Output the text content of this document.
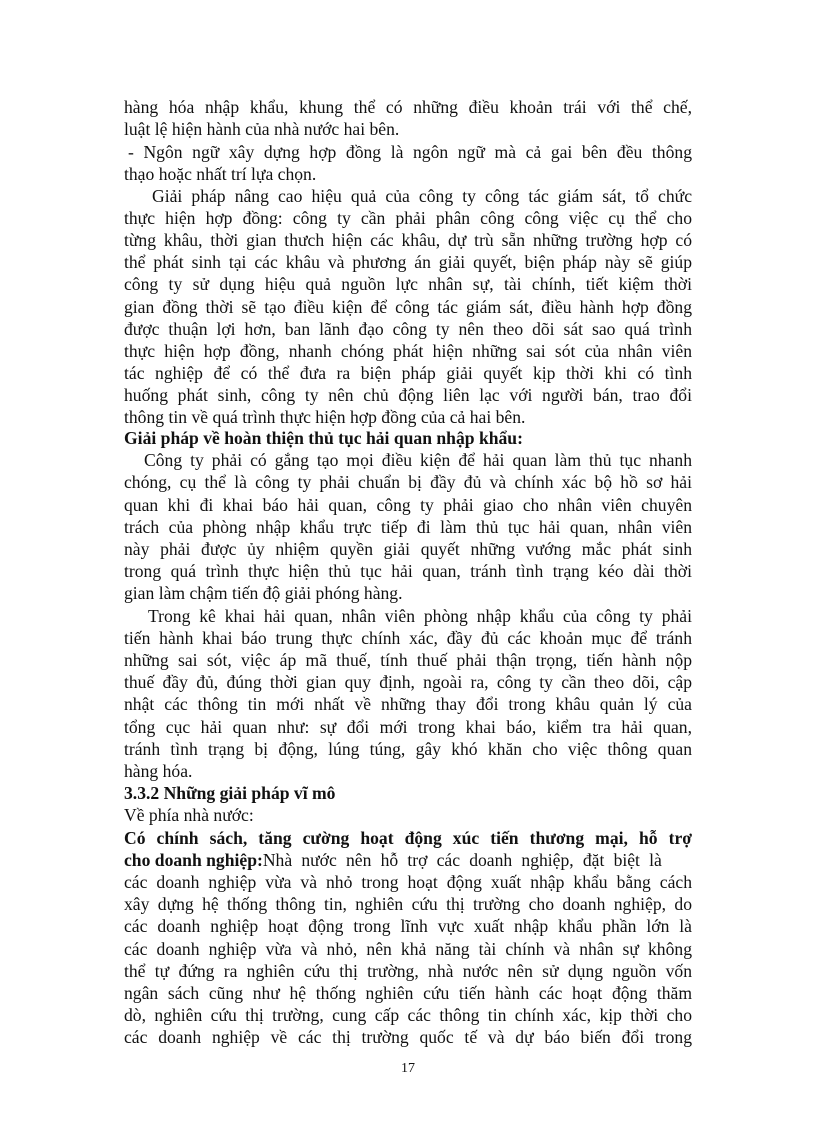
hàng hóa nhập khẩu, khung thể có những điều khoản trái với thể chế,
luật lệ hiện hành của nhà nước hai bên.
- Ngôn ngữ xây dựng hợp đồng là ngôn ngữ mà cả gai bên đều thông
thạo hoặc nhất trí lựa chọn.
Giải pháp nâng cao hiệu quả của công ty công tác giám sát, tổ chức
thực hiện hợp đồng: công ty cần phải phân công công việc cụ thể cho
từng khâu, thời gian thưch hiện các khâu, dự trù sẵn những trường hợp có
thể phát sinh tại các khâu và phương án giải quyết, biện pháp này sẽ giúp
công ty sử dụng hiệu quả nguồn lực nhân sự, tài chính, tiết kiệm thời
gian đồng thời sẽ tạo điều kiện để công tác giám sát, điều hành hợp đồng
được thuận lợi hơn, ban lãnh đạo công ty nên theo dõi sát sao quá trình
thực hiện hợp đồng, nhanh chóng phát hiện những sai sót của nhân viên
tác nghiệp để có thể đưa ra biện pháp giải quyết kịp thời khi có tình
huống phát sinh, công ty nên chủ động liên lạc với người bán, trao đổi
thông tin về quá trình thực hiện hợp đồng của cả hai bên.
Giải pháp về hoàn thiện thủ tục hải quan nhập khẩu:
Công ty phải có gắng tạo mọi điều kiện để hải quan làm thủ tục nhanh
chóng, cụ thể là công ty phải chuẩn bị đầy đủ và chính xác bộ hồ sơ hải
quan khi đi khai báo hải quan, công ty phải giao cho nhân viên chuyên
trách của phòng nhập khẩu trực tiếp đi làm thủ tục hải quan, nhân viên
này phải được ủy nhiệm quyền giải quyết những vướng mắc phát sinh
trong quá trình thực hiện thủ tục hải quan, tránh tình trạng kéo dài thời
gian làm chậm tiến độ giải phóng hàng.
Trong kê khai hải quan, nhân viên phòng nhập khẩu của công ty phải
tiến hành khai báo trung thực chính xác, đầy đủ các khoản mục để tránh
những sai sót, việc áp mã thuế, tính thuế phải thận trọng, tiến hành nộp
thuế đầy đủ, đúng thời gian quy định, ngoài ra, công ty cần theo dõi, cập
nhật các thông tin mới nhất về những thay đổi trong khâu quản lý của
tổng cục hải quan như: sự đổi mới trong khai báo, kiểm tra hải quan,
tránh tình trạng bị động, lúng túng, gây khó khăn cho việc thông quan
hàng hóa.
3.3.2 Những giải pháp vĩ mô
Về phía nhà nước:
Có chính sách, tăng cường hoạt động xúc tiến thương mại, hỗ trợ
cho doanh nghiệp:Nhà nước nên hỗ trợ các doanh nghiệp, đặt biệt là
các doanh nghiệp vừa và nhỏ trong hoạt động xuất nhập khẩu bằng cách
xây dựng hệ thống thông tin, nghiên cứu thị trường cho doanh nghiệp, do
các doanh nghiệp hoạt động trong lĩnh vực xuất nhập khẩu phần lớn là
các doanh nghiệp vừa và nhỏ, nên khả năng tài chính và nhân sự không
thể tự đứng ra nghiên cứu thị trường, nhà nước nên sử dụng nguồn vốn
ngân sách cũng như hệ thống nghiên cứu tiến hành các hoạt động thăm
dò, nghiên cứu thị trường, cung cấp các thông tin chính xác, kịp thời cho
các doanh nghiệp về các thị trường quốc tế và dự báo biến đổi trong
17
